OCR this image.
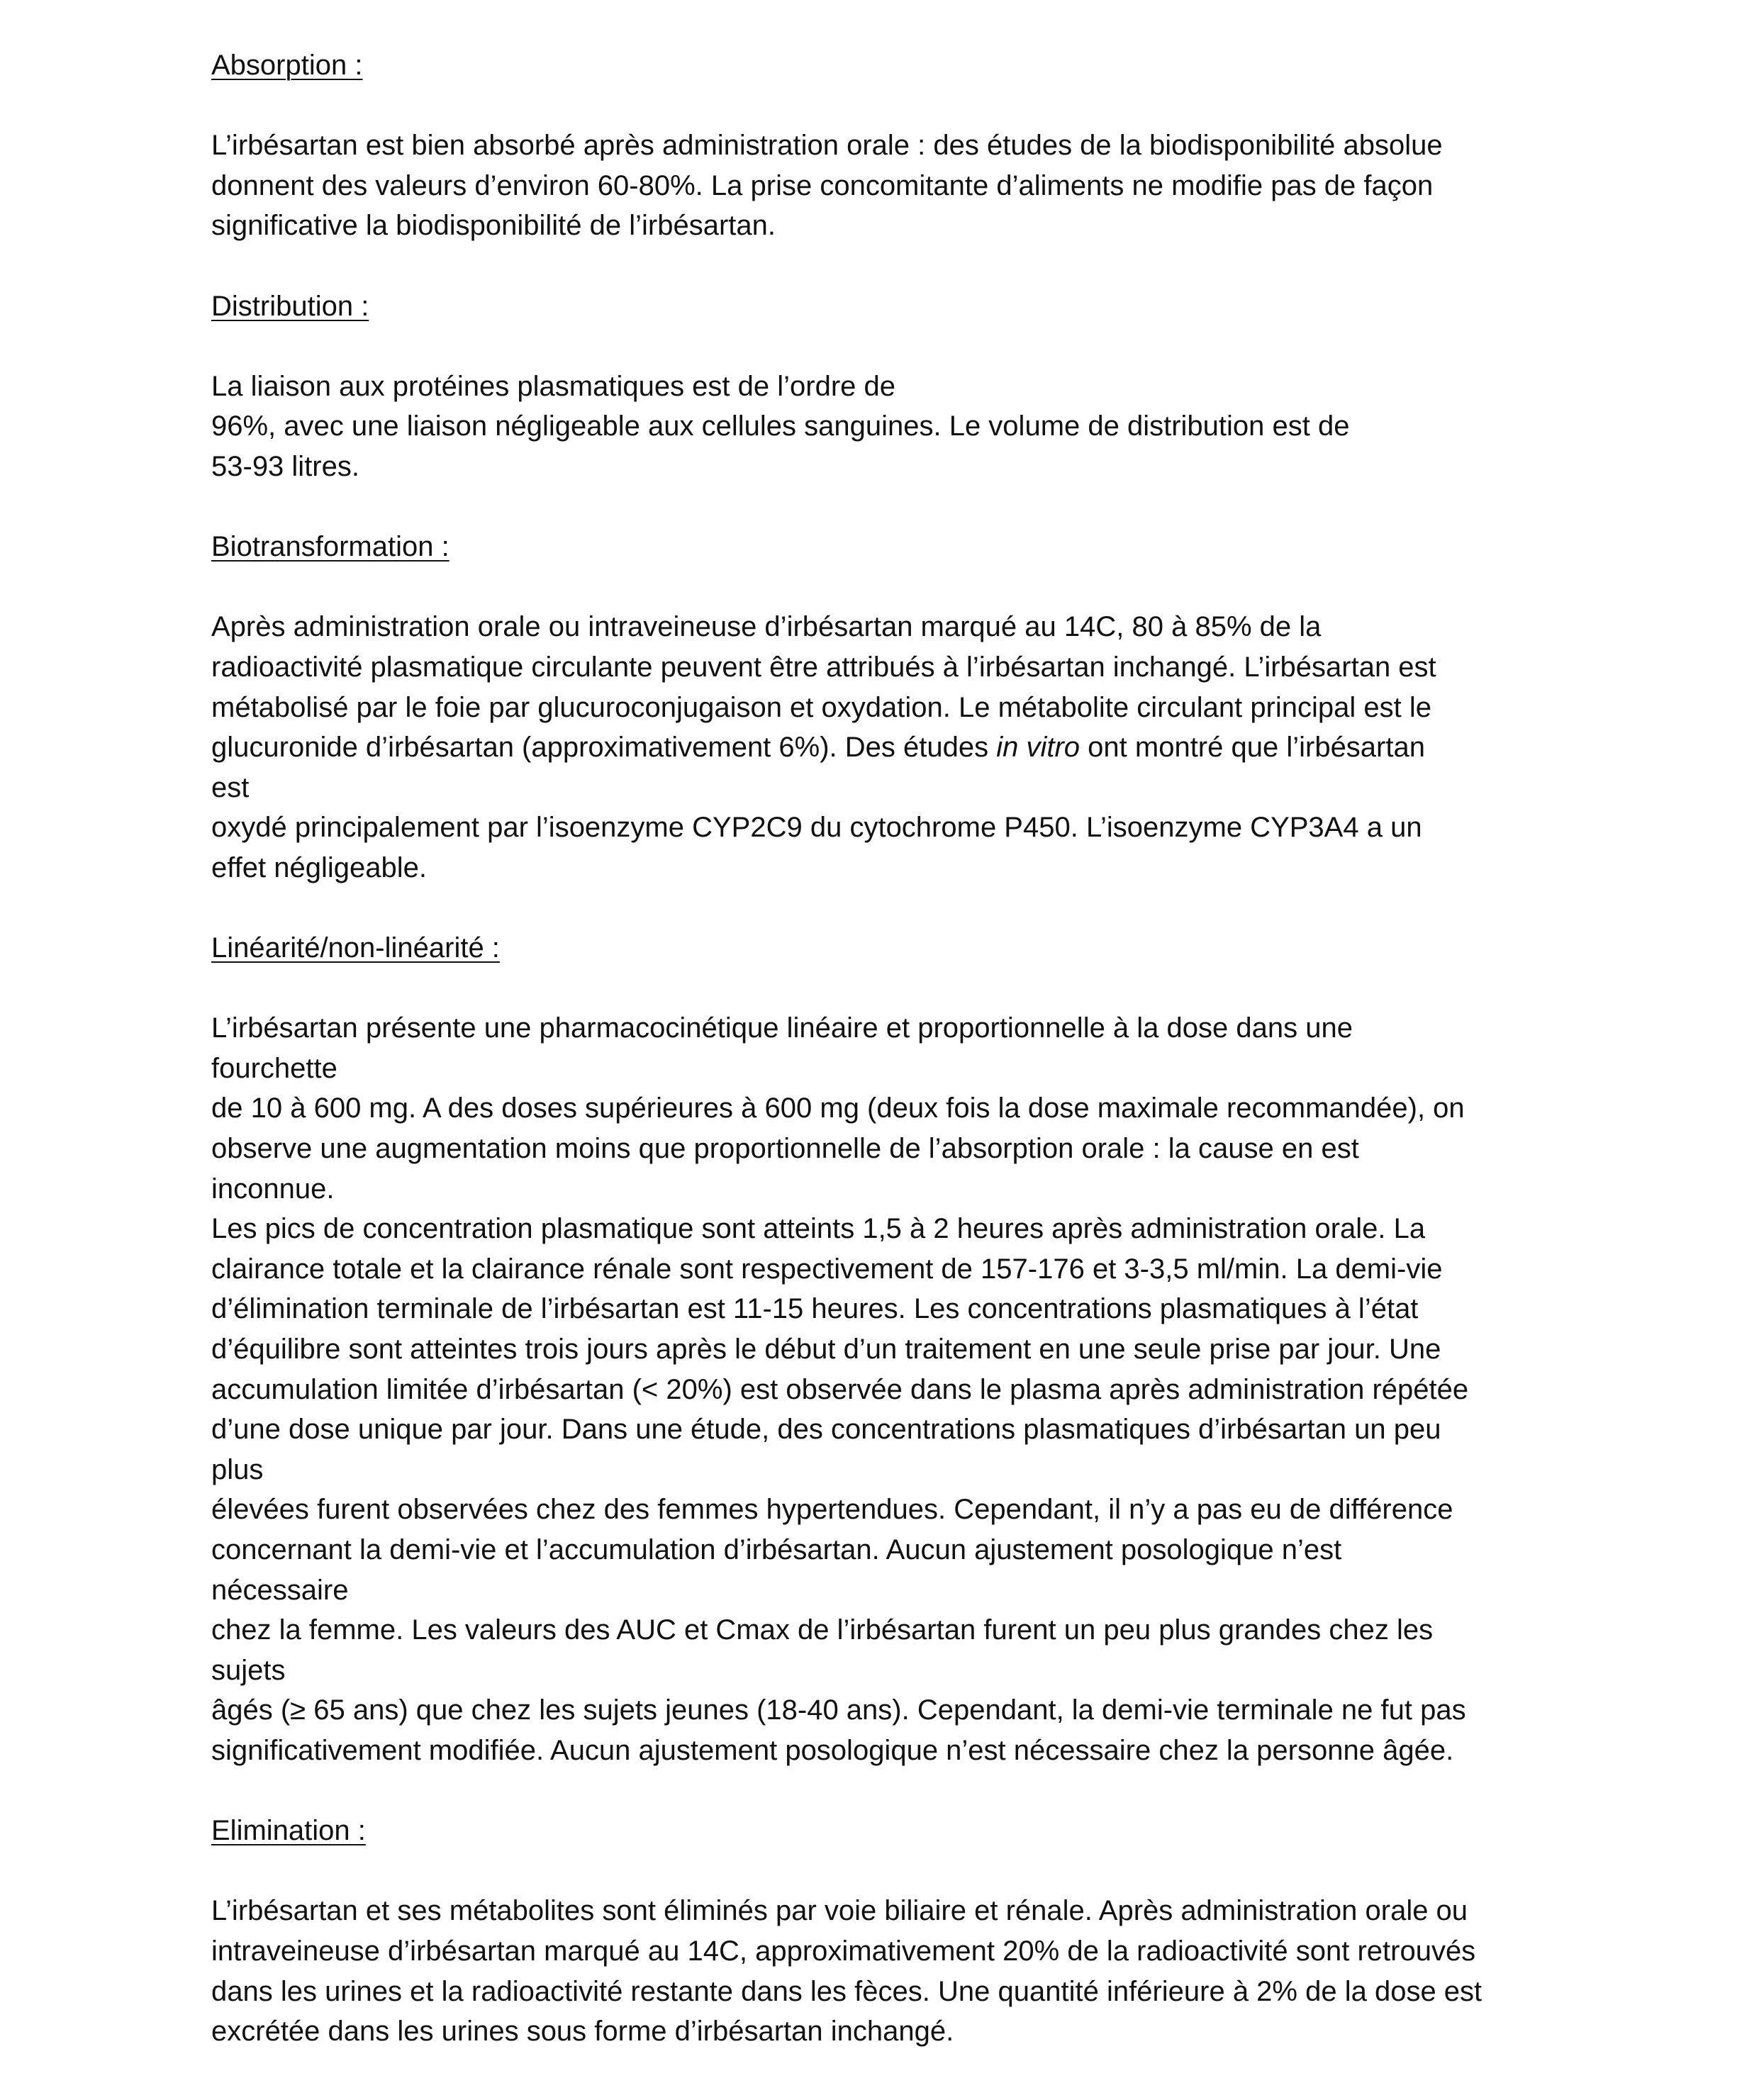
Absorption :
L’irbésartan est bien absorbé après administration orale : des études de la biodisponibilité absolue
donnent des valeurs d’environ 60-80%. La prise concomitante d’aliments ne modifie pas de façon
significative la biodisponibilité de l’irbésartan.
Distribution :
La liaison aux protéines plasmatiques est de l’ordre de
96%, avec une liaison négligeable aux cellules sanguines. Le volume de distribution est de
53-93 litres.
Biotransformation :
Après administration orale ou intraveineuse d’irbésartan marqué au 14C, 80 à 85% de la
radioactivité plasmatique circulante peuvent être attribués à l’irbésartan inchangé. L’irbésartan est
métabolisé par le foie par glucuroconjugaison et oxydation. Le métabolite circulant principal est le
glucuronide d’irbésartan (approximativement 6%). Des études in vitro ont montré que l’irbésartan
est
oxydé principalement par l’isoenzyme CYP2C9 du cytochrome P450. L’isoenzyme CYP3A4 a un
effet négligeable.
Linéarité/non-linéarité :
L’irbésartan présente une pharmacocinétique linéaire et proportionnelle à la dose dans une
fourchette
de 10 à 600 mg. A des doses supérieures à 600 mg (deux fois la dose maximale recommandée), on
observe une augmentation moins que proportionnelle de l’absorption orale : la cause en est
inconnue.
Les pics de concentration plasmatique sont atteints 1,5 à 2 heures après administration orale. La
clairance totale et la clairance rénale sont respectivement de 157-176 et 3-3,5 ml/min. La demi-vie
d’élimination terminale de l’irbésartan est 11-15 heures. Les concentrations plasmatiques à l’état
d’équilibre sont atteintes trois jours après le début d’un traitement en une seule prise par jour. Une
accumulation limitée d’irbésartan (< 20%) est observée dans le plasma après administration répétée
d’une dose unique par jour. Dans une étude, des concentrations plasmatiques d’irbésartan un peu
plus
élevées furent observées chez des femmes hypertendues. Cependant, il n’y a pas eu de différence
concernant la demi-vie et l’accumulation d’irbésartan. Aucun ajustement posologique n’est
nécessaire
chez la femme. Les valeurs des AUC et Cmax de l’irbésartan furent un peu plus grandes chez les
sujets
âgés (≥ 65 ans) que chez les sujets jeunes (18-40 ans). Cependant, la demi-vie terminale ne fut pas
significativement modifiée. Aucun ajustement posologique n’est nécessaire chez la personne âgée.
Elimination :
L’irbésartan et ses métabolites sont éliminés par voie biliaire et rénale. Après administration orale ou
intraveineuse d’irbésartan marqué au 14C, approximativement 20% de la radioactivité sont retrouvés
dans les urines et la radioactivité restante dans les fèces. Une quantité inférieure à 2% de la dose est
excrétée dans les urines sous forme d’irbésartan inchangé.
